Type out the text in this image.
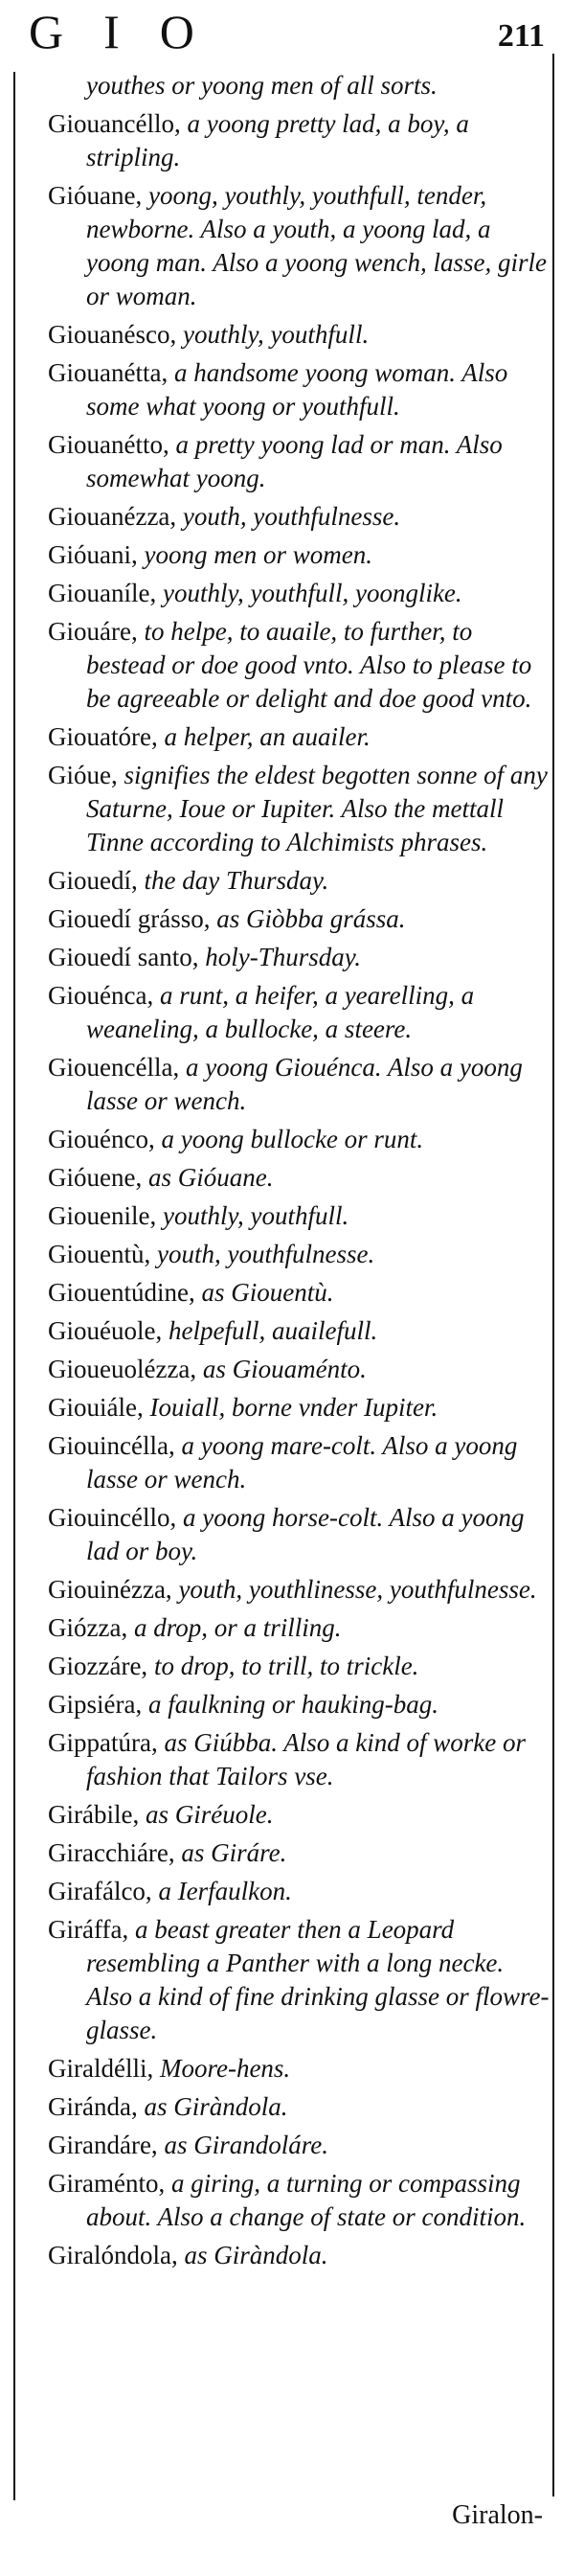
GIO	211

youthes or yoong men of all sorts.

Giouancéllo, a yoong pretty lad, a boy, a stripling.

Gióuane, yoong, youthly, youthfull, tender, newborne. Also a youth, a yoong lad, a yoong man. Also a yoong wench, lasse, girle or woman.

Giouanésco, youthly, youthfull.

Giouanétta, a handsome yoong woman. Also some what yoong or youthfull.

Giouanétto, a pretty yoong lad or man. Also somewhat yoong.

Giouanézza, youth, youthfulnesse.

Gióuani, yoong men or women.

Giouaníle, youthly, youthfull, yoonglike.

Giouáre, to helpe, to auaile, to further, to bestead or doe good vnto. Also to please to be agreeable or delight and doe good vnto.

Giouatóre, a helper, an auailer.

Gióue, signifies the eldest begotten sonne of any Saturne, Ioue or Iupiter. Also the mettall Tinne according to Alchimists phrases.

Giouedí, the day Thursday.

Giouedí grásso, as Giòbba grássa.

Giouedí santo, holy-Thursday.

Giouénca, a runt, a heifer, a yearelling, a weaneling, a bullocke, a steere.

Giouencélla, a yoong Giouénca. Also a yoong lasse or wench.

Giouénco, a yoong bullocke or runt.

Gióuene, as Gióuane.

Giouenile, youthly, youthfull.

Giouentù, youth, youthfulnesse.

Giouentúdine, as Giouentù.

Giouéuole, helpefull, auailefull.

Gioueuolézza, as Giouaménto.

Giouiále, Iouiall, borne vnder Iupiter.

Giouincélla, a yoong mare-colt. Also a yoong lasse or wench.

Giouincéllo, a yoong horse-colt. Also a yoong lad or boy.

Giouinézza, youth, youthlinesse, youthfulnesse.

Giózza, a drop, or a trilling.

Giozzáre, to drop, to trill, to trickle.

Gipsiéra, a faulkning or hauking-bag.

Gippatúra, as Giúbba. Also a kind of worke or fashion that Tailors vse.

Girábile, as Giréuole.

Giracchiáre, as Giráre.

Girafálco, a Ierfaulkon.

Giráffa, a beast greater then a Leopard resembling a Panther with a long necke. Also a kind of fine drinking glasse or flowre-glasse.

Giraldélli, Moore-hens.

Giránda, as Giràndola.

Girandáre, as Girandoláre.

Giraménto, a giring, a turning or compassing about. Also a change of state or condition.

Giralóndola, as Giràndola.

Giralon-
